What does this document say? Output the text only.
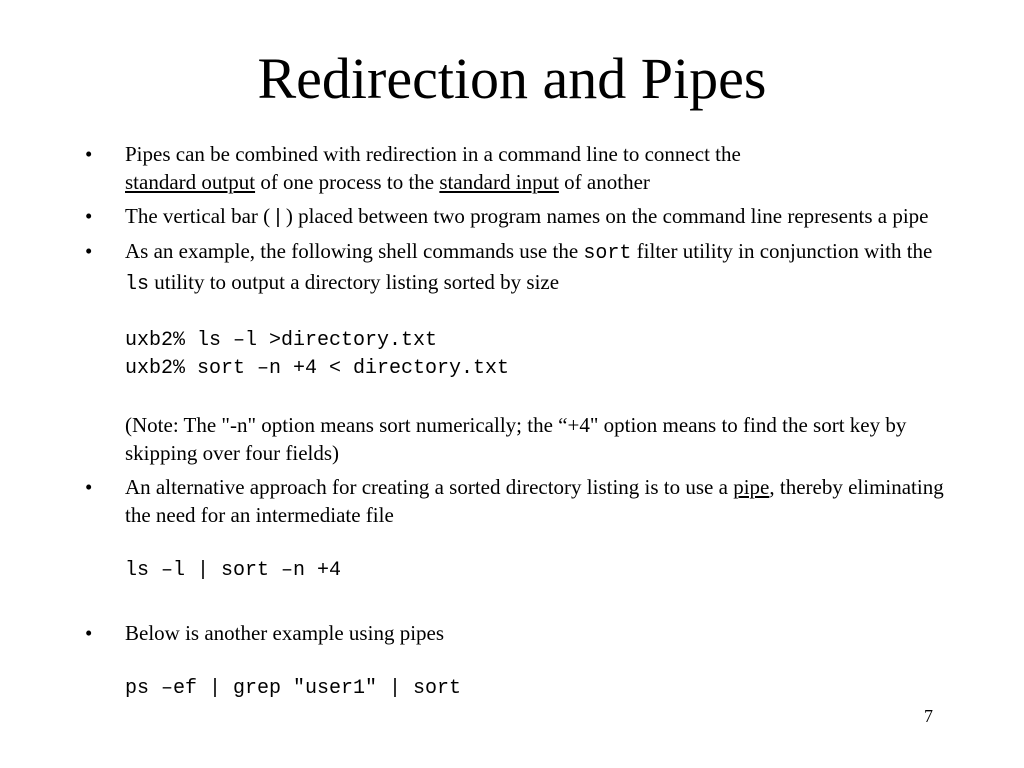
Redirection and Pipes
•	Pipes can be combined with redirection in a command line to connect the
standard output of one process to the standard input of another
•	The vertical bar ( | ) placed between two program names on the command line represents a pipe
•	As an example, the following shell commands use the sort filter utility in conjunction with the ls utility to output a directory listing sorted by size
uxb2% ls –l >directory.txt
uxb2% sort –n +4 < directory.txt
(Note: The "-n" option means sort numerically; the “+4" option means to find the sort key by skipping over four fields)
•	An alternative approach for creating a sorted directory listing is to use a pipe, thereby eliminating the need for an intermediate file
ls –l | sort –n +4
•	Below is another example using pipes
ps –ef | grep "user1" | sort
7
